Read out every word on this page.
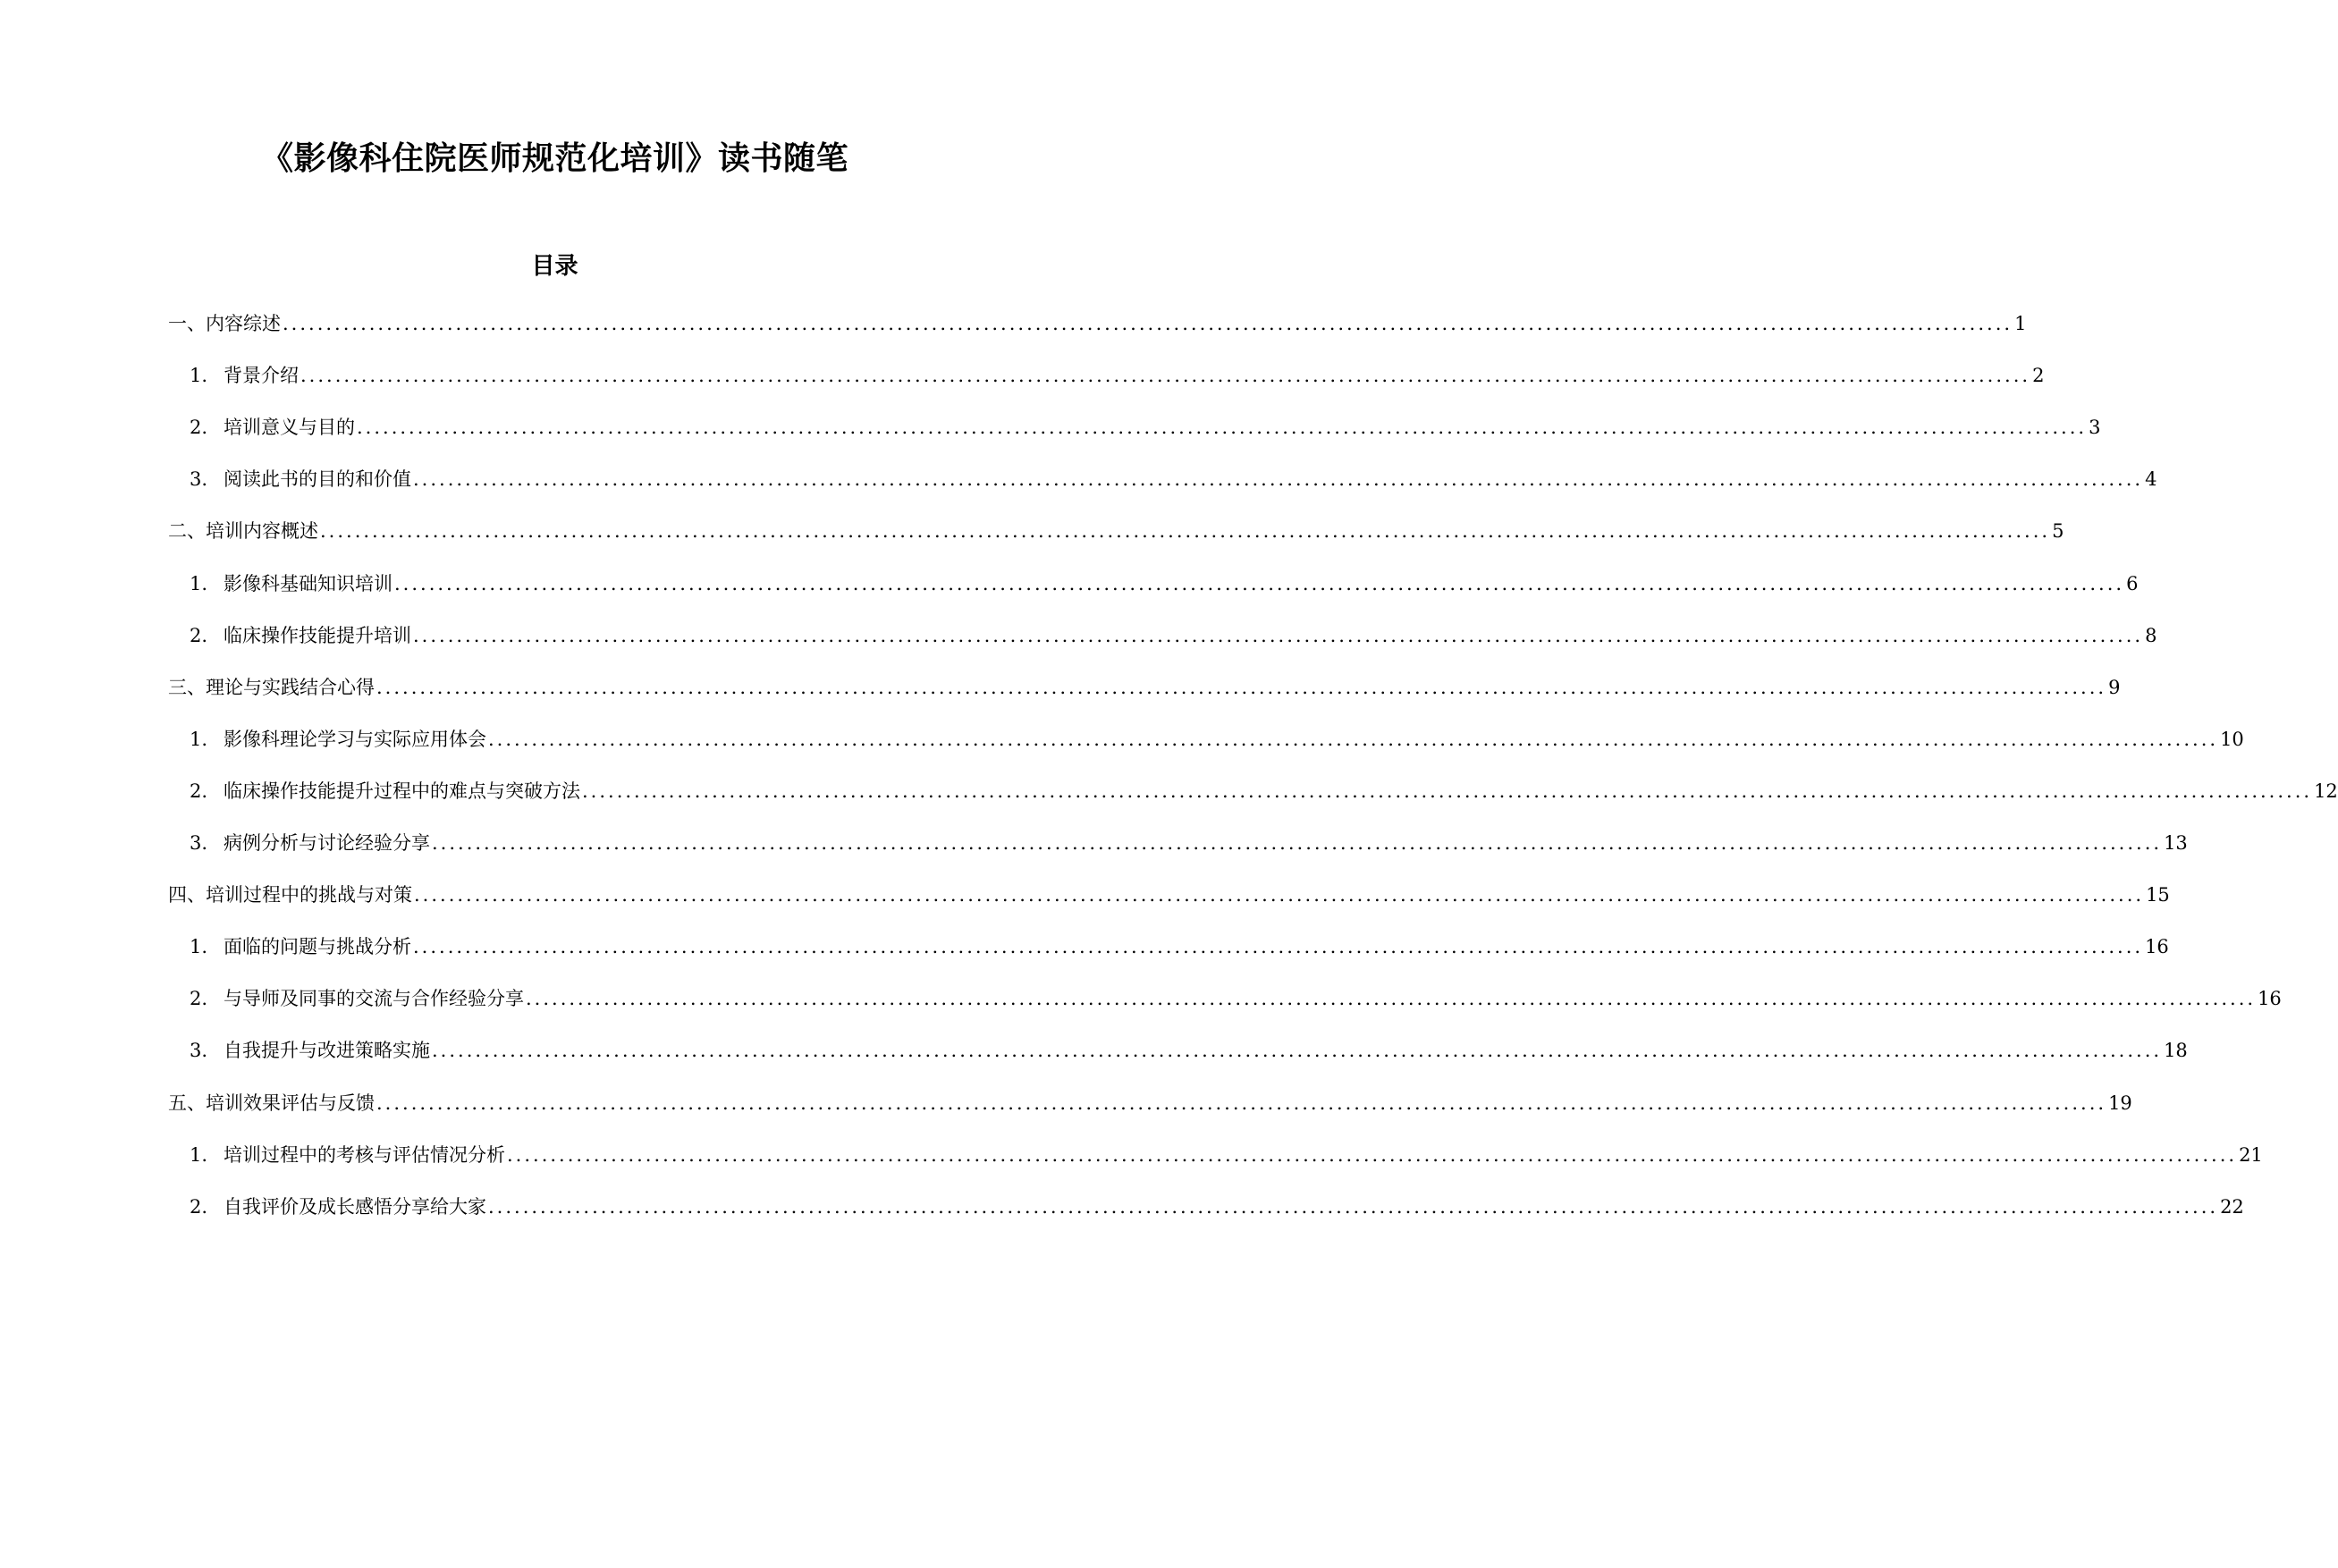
《影像科住院医师规范化培训》读书随笔
目录
一、内容综述 ........................................................................................................................................................................................................ 1
1. 背景介绍 ........................................................................................................................................................................................................ 2
2. 培训意义与目的 ........................................................................................................................................................................................................ 3
3. 阅读此书的目的和价值 ........................................................................................................................................................................................................ 4
二、培训内容概述 ........................................................................................................................................................................................................ 5
1. 影像科基础知识培训 ........................................................................................................................................................................................................ 6
2. 临床操作技能提升培训 ........................................................................................................................................................................................................ 8
三、理论与实践结合心得 ........................................................................................................................................................................................................ 9
1. 影像科理论学习与实际应用体会 ........................................................................................................................................................................................................ 10
2. 临床操作技能提升过程中的难点与突破方法 ........................................................................................................................................................................................................ 12
3. 病例分析与讨论经验分享 ........................................................................................................................................................................................................ 13
四、培训过程中的挑战与对策 ........................................................................................................................................................................................................ 15
1. 面临的问题与挑战分析 ........................................................................................................................................................................................................ 16
2. 与导师及同事的交流与合作经验分享 ........................................................................................................................................................................................................ 16
3. 自我提升与改进策略实施 ........................................................................................................................................................................................................ 18
五、培训效果评估与反馈 ........................................................................................................................................................................................................ 19
1. 培训过程中的考核与评估情况分析 ........................................................................................................................................................................................................ 21
2. 自我评价及成长感悟分享给大家 ........................................................................................................................................................................................................ 22
